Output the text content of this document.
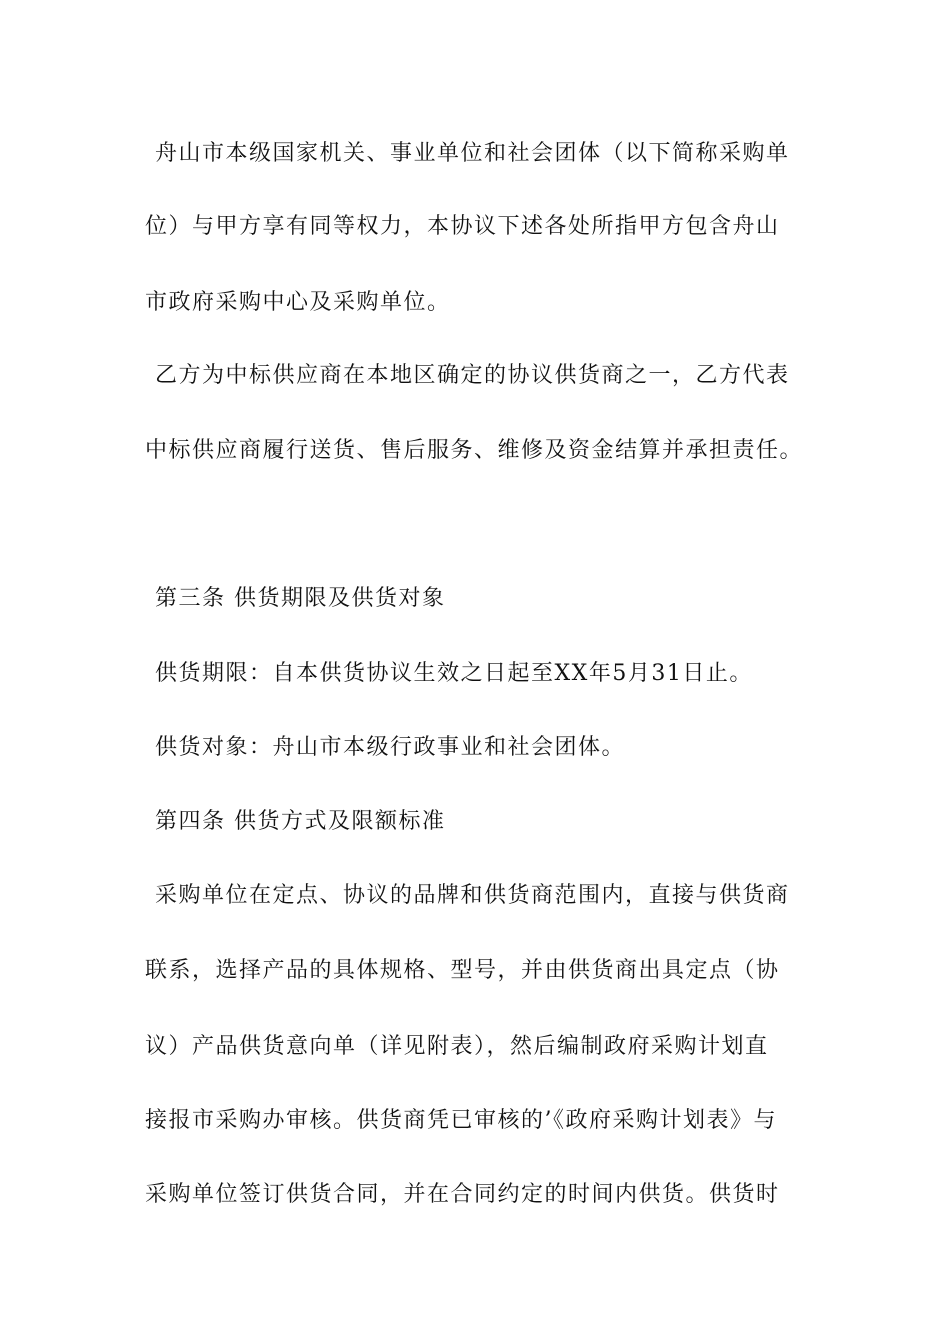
舟山市本级国家机关、事业单位和社会团体（以下简称采购单
位）与甲方享有同等权力，本协议下述各处所指甲方包含舟山
市政府采购中心及采购单位。
乙方为中标供应商在本地区确定的协议供货商之一，乙方代表
中标供应商履行送货、售后服务、维修及资金结算并承担责任。
第三条 供货期限及供货对象
供货期限：自本供货协议生效之日起至XX年5月31日止。
供货对象：舟山市本级行政事业和社会团体。
第四条 供货方式及限额标准
采购单位在定点、协议的品牌和供货商范围内，直接与供货商
联系，选择产品的具体规格、型号，并由供货商出具定点（协
议）产品供货意向单（详见附表），然后编制政府采购计划直
接报市采购办审核。供货商凭已审核的’《政府采购计划表》与
采购单位签订供货合同，并在合同约定的时间内供货。供货时
